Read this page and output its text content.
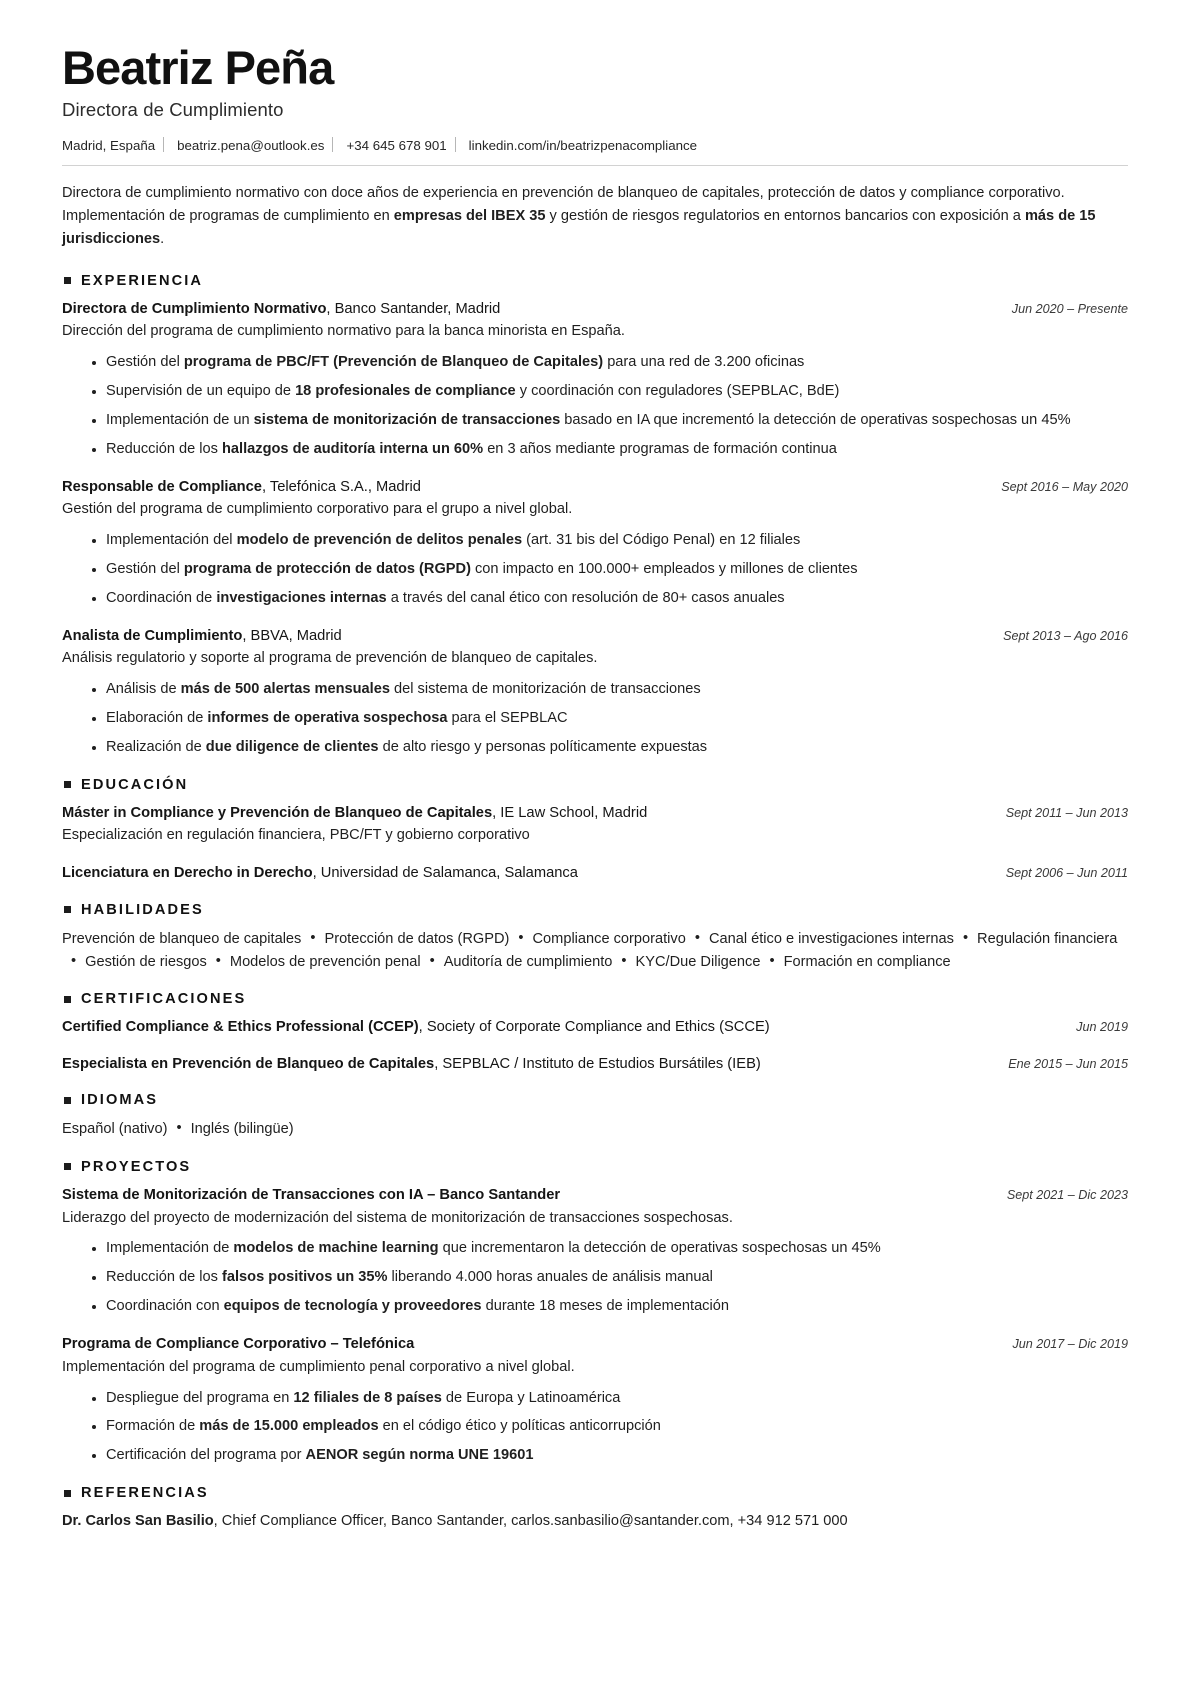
Beatriz Peña
Directora de Cumplimiento
Madrid, España beatriz.pena@outlook.es +34 645 678 901 linkedin.com/in/beatrizpenacompliance

Directora de cumplimiento normativo con doce años de experiencia en prevención de blanqueo de capitales, protección de datos y compliance corporativo. Implementación de programas de cumplimiento en empresas del IBEX 35 y gestión de riesgos regulatorios en entornos bancarios con exposición a más de 15 jurisdicciones.

EXPERIENCIA
Directora de Cumplimiento Normativo, Banco Santander, Madrid	Jun 2020 – Presente
Dirección del programa de cumplimiento normativo para la banca minorista en España.
Gestión del programa de PBC/FT (Prevención de Blanqueo de Capitales) para una red de 3.200 oficinas
Supervisión de un equipo de 18 profesionales de compliance y coordinación con reguladores (SEPBLAC, BdE)
Implementación de un sistema de monitorización de transacciones basado en IA que incrementó la detección de operativas sospechosas un 45%
Reducción de los hallazgos de auditoría interna un 60% en 3 años mediante programas de formación continua
Responsable de Compliance, Telefónica S.A., Madrid	Sept 2016 – May 2020
Gestión del programa de cumplimiento corporativo para el grupo a nivel global.
Implementación del modelo de prevención de delitos penales (art. 31 bis del Código Penal) en 12 filiales
Gestión del programa de protección de datos (RGPD) con impacto en 100.000+ empleados y millones de clientes
Coordinación de investigaciones internas a través del canal ético con resolución de 80+ casos anuales
Analista de Cumplimiento, BBVA, Madrid	Sept 2013 – Ago 2016
Análisis regulatorio y soporte al programa de prevención de blanqueo de capitales.
Análisis de más de 500 alertas mensuales del sistema de monitorización de transacciones
Elaboración de informes de operativa sospechosa para el SEPBLAC
Realización de due diligence de clientes de alto riesgo y personas políticamente expuestas
EDUCACIÓN
Máster in Compliance y Prevención de Blanqueo de Capitales, IE Law School, Madrid	Sept 2011 – Jun 2013
Especialización en regulación financiera, PBC/FT y gobierno corporativo
Licenciatura en Derecho in Derecho, Universidad de Salamanca, Salamanca	Sept 2006 – Jun 2011
HABILIDADES
Prevención de blanqueo de capitales • Protección de datos (RGPD) • Compliance corporativo • Canal ético e investigaciones internas • Regulación financiera• Gestión de riesgos • Modelos de prevención penal • Auditoría de cumplimiento • KYC/Due Diligence • Formación en compliance
CERTIFICACIONES
Certified Compliance & Ethics Professional (CCEP), Society of Corporate Compliance and Ethics (SCCE)	Jun 2019
Especialista en Prevención de Blanqueo de Capitales, SEPBLAC / Instituto de Estudios Bursátiles (IEB)	Ene 2015 – Jun 2015
IDIOMAS
Español (nativo) • Inglés (bilingüe)
PROYECTOS
Sistema de Monitorización de Transacciones con IA – Banco Santander	Sept 2021 – Dic 2023
Liderazgo del proyecto de modernización del sistema de monitorización de transacciones sospechosas.
Implementación de modelos de machine learning que incrementaron la detección de operativas sospechosas un 45%
Reducción de los falsos positivos un 35% liberando 4.000 horas anuales de análisis manual
Coordinación con equipos de tecnología y proveedores durante 18 meses de implementación
Programa de Compliance Corporativo – Telefónica	Jun 2017 – Dic 2019
Implementación del programa de cumplimiento penal corporativo a nivel global.
Despliegue del programa en 12 filiales de 8 países de Europa y Latinoamérica
Formación de más de 15.000 empleados en el código ético y políticas anticorrupción
Certificación del programa por AENOR según norma UNE 19601
REFERENCIAS
Dr. Carlos San Basilio, Chief Compliance Officer, Banco Santander, carlos.sanbasilio@santander.com, +34 912 571 000
